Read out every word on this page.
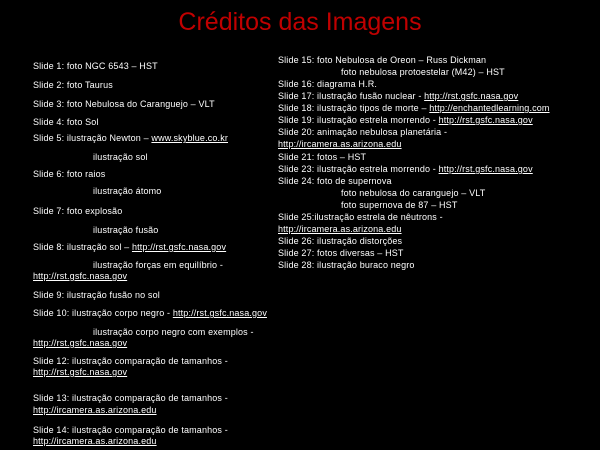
Créditos das Imagens
Slide 1: foto NGC 6543 – HST
Slide 2: foto Taurus
Slide 3: foto Nebulosa do Caranguejo – VLT
Slide 4: foto Sol
Slide 5: ilustração Newton – www.skyblue.co.kr
ilustração sol
Slide 6: foto raios
ilustração átomo
Slide 7: foto explosão
ilustração fusão
Slide 8: ilustração sol – http://rst.gsfc.nasa.gov
ilustração forças em equilíbrio -
http://rst.gsfc.nasa.gov
Slide 9: ilustração fusão no sol
Slide 10: ilustração corpo negro - http://rst.gsfc.nasa.gov
ilustração corpo negro com exemplos -
http://rst.gsfc.nasa.gov
Slide 12: ilustração comparação de tamanhos -
http://rst.gsfc.nasa.gov
Slide 13: ilustração comparação de tamanhos -
http://ircamera.as.arizona.edu
Slide 14: ilustração comparação de tamanhos -
http://ircamera.as.arizona.edu
Slide 15: foto Nebulosa de Oreon – Russ Dickman
foto nebulosa protoestelar (M42) – HST
Slide 16: diagrama H.R.
Slide 17: ilustração fusão nuclear - http://rst.gsfc.nasa.gov
Slide 18: ilustração tipos de morte – http://enchantedlearning.com
Slide 19: ilustração estrela morrendo - http://rst.gsfc.nasa.gov
Slide 20: animação nebulosa planetária -
http://ircamera.as.arizona.edu
Slide 21: fotos – HST
Slide 23: ilustração estrela morrendo - http://rst.gsfc.nasa.gov
Slide 24: foto de supernova
foto nebulosa do caranguejo – VLT
foto supernova de 87 – HST
Slide 25:ilustração estrela de nêutrons -
http://ircamera.as.arizona.edu
Slide 26: ilustração distorções
Slide 27: fotos diversas – HST
Slide 28: ilustração buraco negro
